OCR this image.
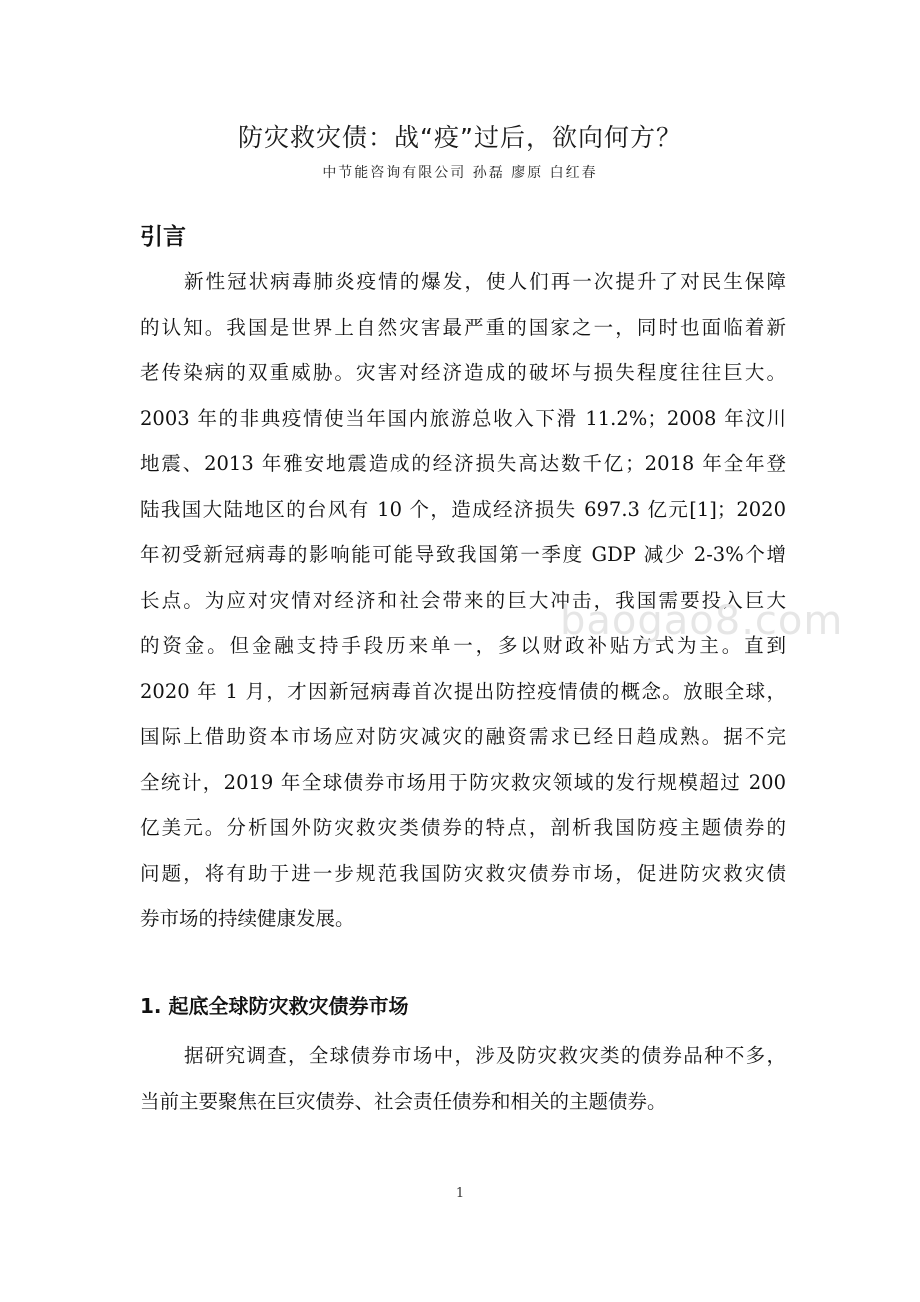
防灾救灾债：战“疫”过后，欲向何方？
中节能咨询有限公司 孙磊 廖原 白红春
引言
新性冠状病毒肺炎疫情的爆发，使人们再一次提升了对民生保障
的认知。我国是世界上自然灾害最严重的国家之一，同时也面临着新
老传染病的双重威胁。灾害对经济造成的破坏与损失程度往往巨大。
2003 年的非典疫情使当年国内旅游总收入下滑 11.2%；2008 年汶川
地震、2013 年雅安地震造成的经济损失高达数千亿；2018 年全年登
陆我国大陆地区的台风有 10 个，造成经济损失 697.3 亿元[1]；2020
年初受新冠病毒的影响能可能导致我国第一季度 GDP 减少 2-3%个增
长点。为应对灾情对经济和社会带来的巨大冲击，我国需要投入巨大
的资金。但金融支持手段历来单一，多以财政补贴方式为主。直到
2020 年 1 月，才因新冠病毒首次提出防控疫情债的概念。放眼全球，
国际上借助资本市场应对防灾减灾的融资需求已经日趋成熟。据不完
全统计，2019 年全球债券市场用于防灾救灾领域的发行规模超过 200
亿美元。分析国外防灾救灾类债券的特点，剖析我国防疫主题债券的
问题，将有助于进一步规范我国防灾救灾债券市场，促进防灾救灾债
券市场的持续健康发展。
1. 起底全球防灾救灾债券市场
据研究调查，全球债券市场中，涉及防灾救灾类的债券品种不多，
当前主要聚焦在巨灾债券、社会责任债券和相关的主题债券。
baogao8.com
1
